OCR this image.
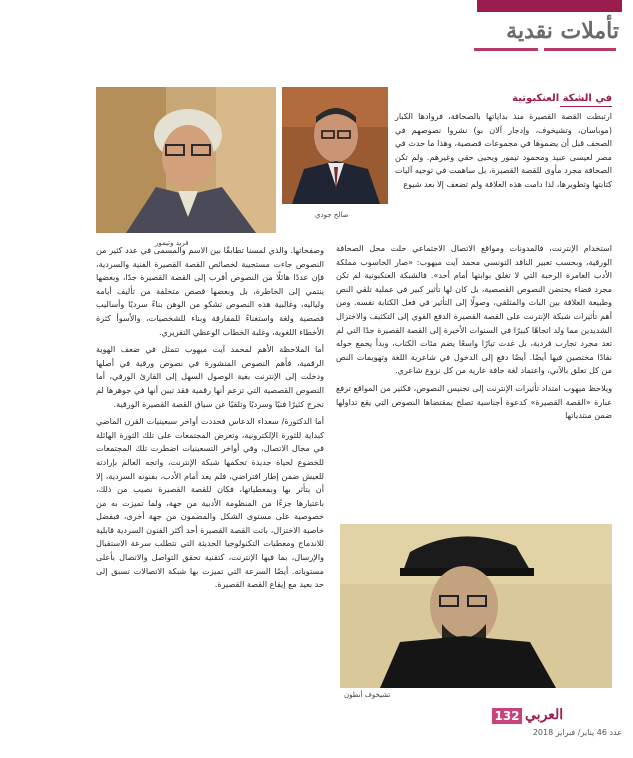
تأملات نقدية
فريد وتيمور
صالح جودي
في الشكة العنكبوتية

ارتبطت القصة القصيرة منذ بداياتها بالصحافة، فروادها الكبار (موباسان، وتشيخوف، وإدجار آلان بو) نشروا نصوصهم في الصحف قبل أن يضموها في مجموعات قصصية، وهذا ما حدث في مصر لعيسى عبيد ومحمود تيمور ويحيى حقي وغيرهم. ولم تكن الصحافة مجرد مأوى للقصة القصيرة، بل ساهمت في توجيه آليات كتابتها وتطويرها، لذا دامت هذه العلاقة ولم تضعف إلا بعد شيوع

استخدام الإنترنت، فالمدونات ومواقع الاتصال الاجتماعي حلت محل الصحافة الورقية، وبحسب تعبير الناقد التونسي محمد آيت ميهوب: «صار الحاسوب مملكة الأدب العامرة الرحبة التي لا تغلق بوابتها أمام أحد». فالشبكة العنكبوتية لم تكن مجرد فضاء يحتضن النصوص القصصية، بل كان لها تأثير كبير في عملية تلقي النص وطبيعة العلاقة بين الباث والمتلقي، وصولًا إلى التأثير في فعل الكتابة نفسه. ومن أهم تأثيرات شبكة الإنترنت على القصة القصيرة الدفع القوي إلى التكثيف والاختزال الشديدين مما ولد اتجاهًا كبيرًا في السنوات الأخيرة إلى القصة القصيرة جدًا التي لم تعد مجرد تجارب فردية، بل غدت تيارًا واسعًا يضم مئات الكتاب، وبدأ يجمع حوله نقادًا مختصين فيها أيضًا. أيضًا دفع إلى الدخول في شاعرية اللغة وتهويمات النص من كل تعلق بالآني، واعتماد لغة جافة عارية من كل نزوع شاعري.

ويلاحظ ميهوب امتداد تأثيرات الإنترنت إلى تجنيس النصوص، فكثير من المواقع ترفع عبارة «القصة القصيرة» كدعوة أجناسية تصلح بمقتضاها النصوص التي يقع تداولها ضمن منتدياتها

وصفحاتها. والذي لمسنا تطابقًا بين الاسم والمسمى في عدد كثير من النصوص جاءت مستجيبة لخصائص القصة القصيرة الفنية والسردية، فإن عددًا هائلًا من النصوص أقرب إلى القصة القصيرة جدًا، وبعضها ينتمي إلى الخاطرة، بل وبعضها قصص متخلفة من تأليف أيامه ولياليه، وغالبية هذه النصوص تشكو من الوهن بناءً سرديًا وأساليب قصصية ولغة واستغناءً للمفارقة وبناء للشخصيات، والأسوأ كثرة الأخطاء اللغوية، وغلبة الخطاب الوعظي التقريري.

أما الملاحظة الأهم لمحمد آيت ميهوب تتمثل في ضعف الهوية الرقمية، فأهم النصوص المنشورة في نصوص ورقية في أصلها ودخلت إلى الإنترنت بغية الوصول السهل إلى القارئ الورقي، أما النصوص القصصية التي تزعم أنها رقمية فقد تبين أنها في جوهرها لم تخرج كثيرًا فنيًا وسرديًا وتلقيًا عن سياق القصة القصيرة الورقية.

أما الدكتورة/ سعداء الدعاس فحددت أواخر سبعينيات القرن الماضي كبداية للثورة الإلكترونية، وتعرض المجتمعات على تلك الثورة الهائلة في مجال الاتصال، وفي أواخر التسعينيات اضطرت تلك المجتمعات للخضوع لحياة جديدة تحكمها شبكة الإنترنت، واتجه العالم بإرادته للعيش ضمن إطار افتراضي، فلم يعد أمام الأدب، بفنونه السردية، إلا أن يتأثر بها وبمعطياتها، فكان للقصة القصيرة نصيب من ذلك، باعتبارها جزءًا من المنظومة الأدبية من جهة، ولما تميزت به من خصوصية على مستوى الشكل والمضمون من جهة أخرى، فبفضل خاصية الاختزال، باتت القصة القصيرة أحد أكثر الفنون السردية قابلية للاندماج ومعطيات التكنولوجيا الحديثة التي تتطلب سرعة الاستقبال والإرسال، بما فيها الإنترنت، كتقنية تحقق التواصل والاتصال بأعلى مستوياته. أيضًا السرعة التي تميزت بها شبكة الاتصالات تسبق إلى حد بعيد مع إيقاع القصة القصيرة.

تشيخوف أنطون
132 العربي
عدد 46 يناير/ فبراير 2018
